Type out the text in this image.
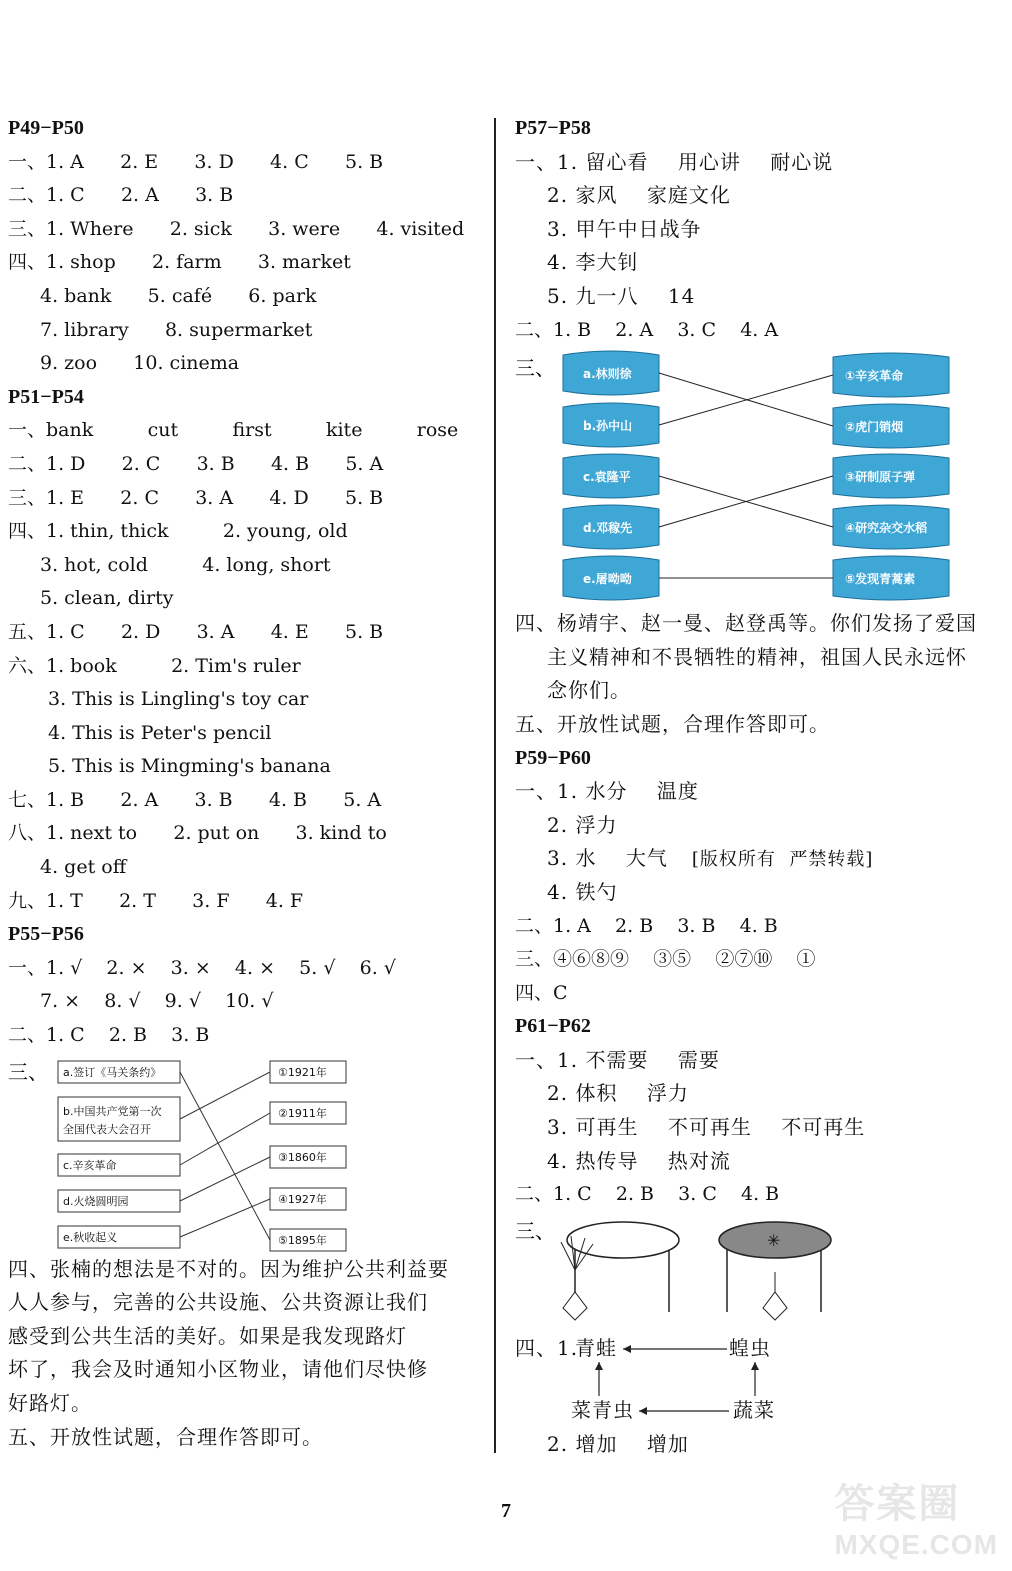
P49−P50
一、1. A      2. E      3. D      4. C      5. B
二、1. C      2. A      3. B
三、1. Where      2. sick      3. were      4. visited
四、1. shop      2. farm      3. market
4. bank      5. café      6. park
7. library      8. supermarket
9. zoo      10. cinema
P51−P54
一、bank         cut         first         kite         rose
二、1. D      2. C      3. B      4. B      5. A
三、1. E      2. C      3. A      4. D      5. B
四、1. thin, thick         2. young, old
3. hot, cold         4. long, short
5. clean, dirty
五、1. C      2. D      3. A      4. E      5. B
六、1. book         2. Tim's ruler
3. This is Lingling's toy car
4. This is Peter's pencil
5. This is Mingming's banana
七、1. B      2. A      3. B      4. B      5. A
八、1. next to      2. put on      3. kind to
4. get off
九、1. T      2. T      3. F      4. F
P55−P56
一、1. √    2. ×    3. ×    4. ×    5. √    6. √
7. ×    8. √    9. √    10. √
二、1. C    2. B    3. B
三、 a.签订《马关条约》
b.中国共产党第一次
全国代表大会召开
c.辛亥革命
d.火烧圆明园
e.秋收起义
①1921年
②1911年
③1860年
④1927年
⑤1895年
四、张楠的想法是不对的。因为维护公共利益要
人人参与，完善的公共设施、公共资源让我们
感受到公共生活的美好。如果是我发现路灯
坏了，我会及时通知小区物业，请他们尽快修
好路灯。
五、开放性试题，合理作答即可。
P57−P58
一、1. 留心看    用心讲    耐心说
2. 家风    家庭文化
3. 甲午中日战争
4. 李大钊
5. 九一八    14
二、1. B    2. A    3. C    4. A
三、 a.林则徐
b.孙中山
c.袁隆平
d.邓稼先
e.屠呦呦
①辛亥革命
②虎门销烟
③研制原子弹
④研究杂交水稻
⑤发现青蒿素
四、杨靖宇、赵一曼、赵登禹等。你们发扬了爱国
主义精神和不畏牺牲的精神，祖国人民永远怀
念你们。
五、开放性试题，合理作答即可。
P59−P60
一、1. 水分    温度
2. 浮力
3. 水    大气 [版权所有  严禁转载]
4. 铁勺
二、1. A    2. B    3. B    4. B
三、④⑥⑧⑨    ③⑤    ②⑦⑩    ①
四、C
P61−P62
一、1. 不需要    需要
2. 体积    浮力
3. 可再生    不可再生    不可再生
4. 热传导    热对流
二、1. C    2. B    3. C    4. B
三、	✳
四、1.
青蛙	蝗虫
菜青虫	蔬菜
2. 增加    增加
7	答案圈
MXQE.COM
